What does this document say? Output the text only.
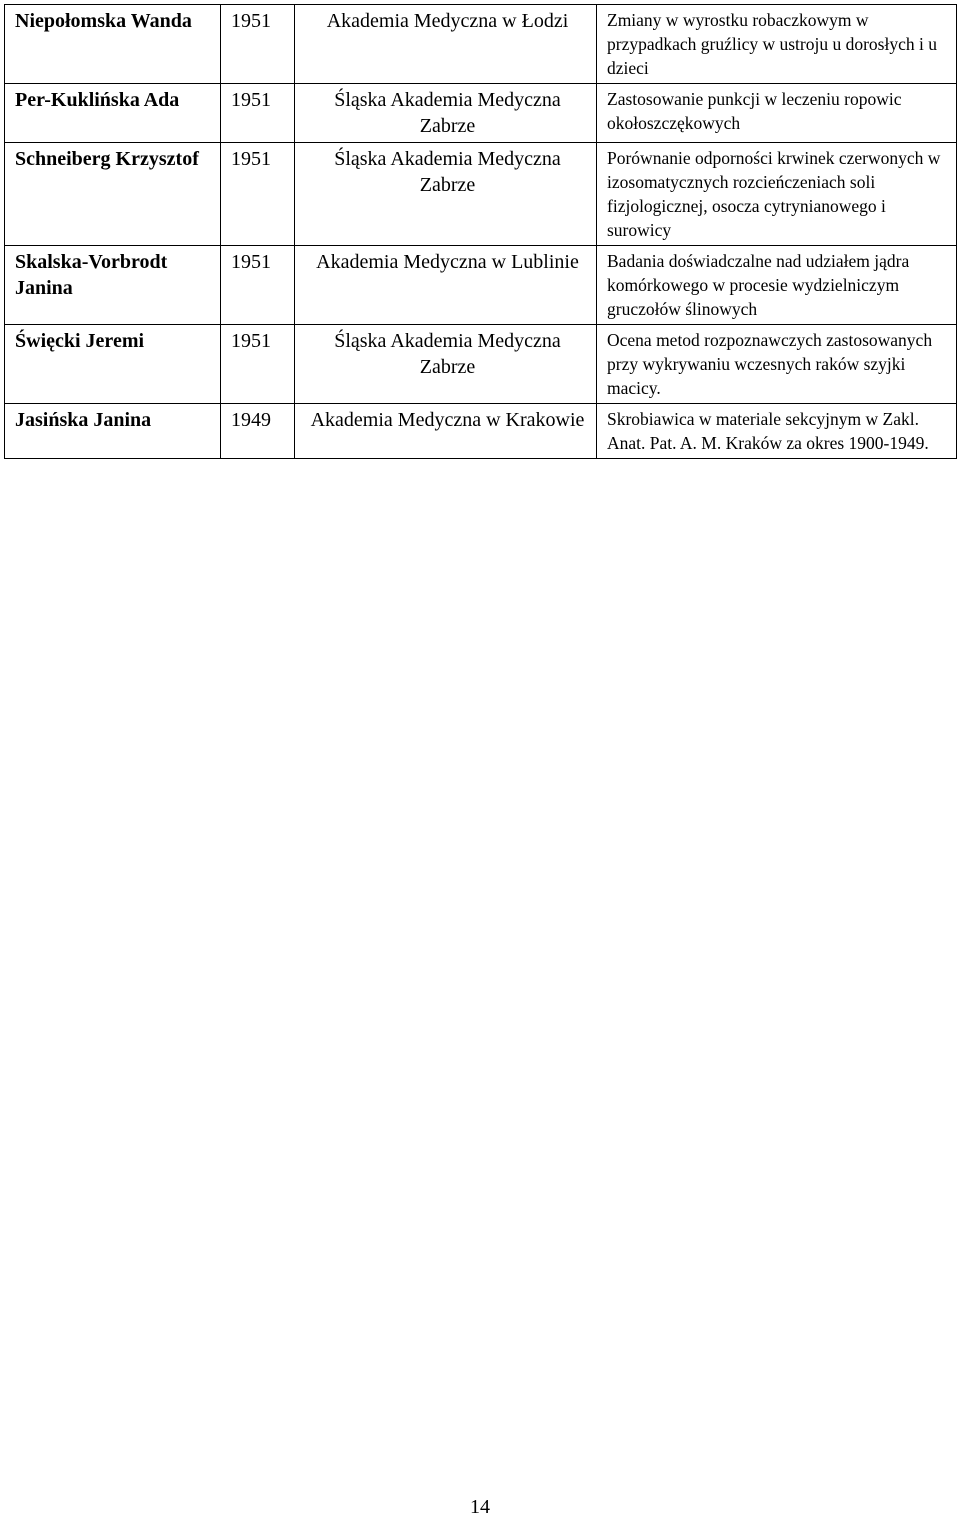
Niepołomska Wanda	1951	Akademia Medyczna w Łodzi	Zmiany w wyrostku robaczkowym w przypadkach gruźlicy w ustroju u dorosłych i u dzieci
Per-Kuklińska Ada	1951	Śląska Akademia Medyczna Zabrze	Zastosowanie punkcji w leczeniu ropowic okołoszczękowych
Schneiberg Krzysztof	1951	Śląska Akademia Medyczna Zabrze	Porównanie odporności krwinek czerwonych w izosomatycznych rozcieńczeniach soli fizjologicznej, osocza cytrynianowego i surowicy
Skalska-Vorbrodt Janina	1951	Akademia Medyczna w Lublinie	Badania doświadczalne nad udziałem jądra komórkowego w procesie wydzielniczym gruczołów ślinowych
Święcki Jeremi	1951	Śląska Akademia Medyczna Zabrze	Ocena metod rozpoznawczych zastosowanych przy wykrywaniu wczesnych raków szyjki macicy.
Jasińska Janina	1949	Akademia Medyczna w Krakowie	Skrobiawica w materiale sekcyjnym w Zakl. Anat. Pat. A. M. Kraków za okres 1900-1949.
14
